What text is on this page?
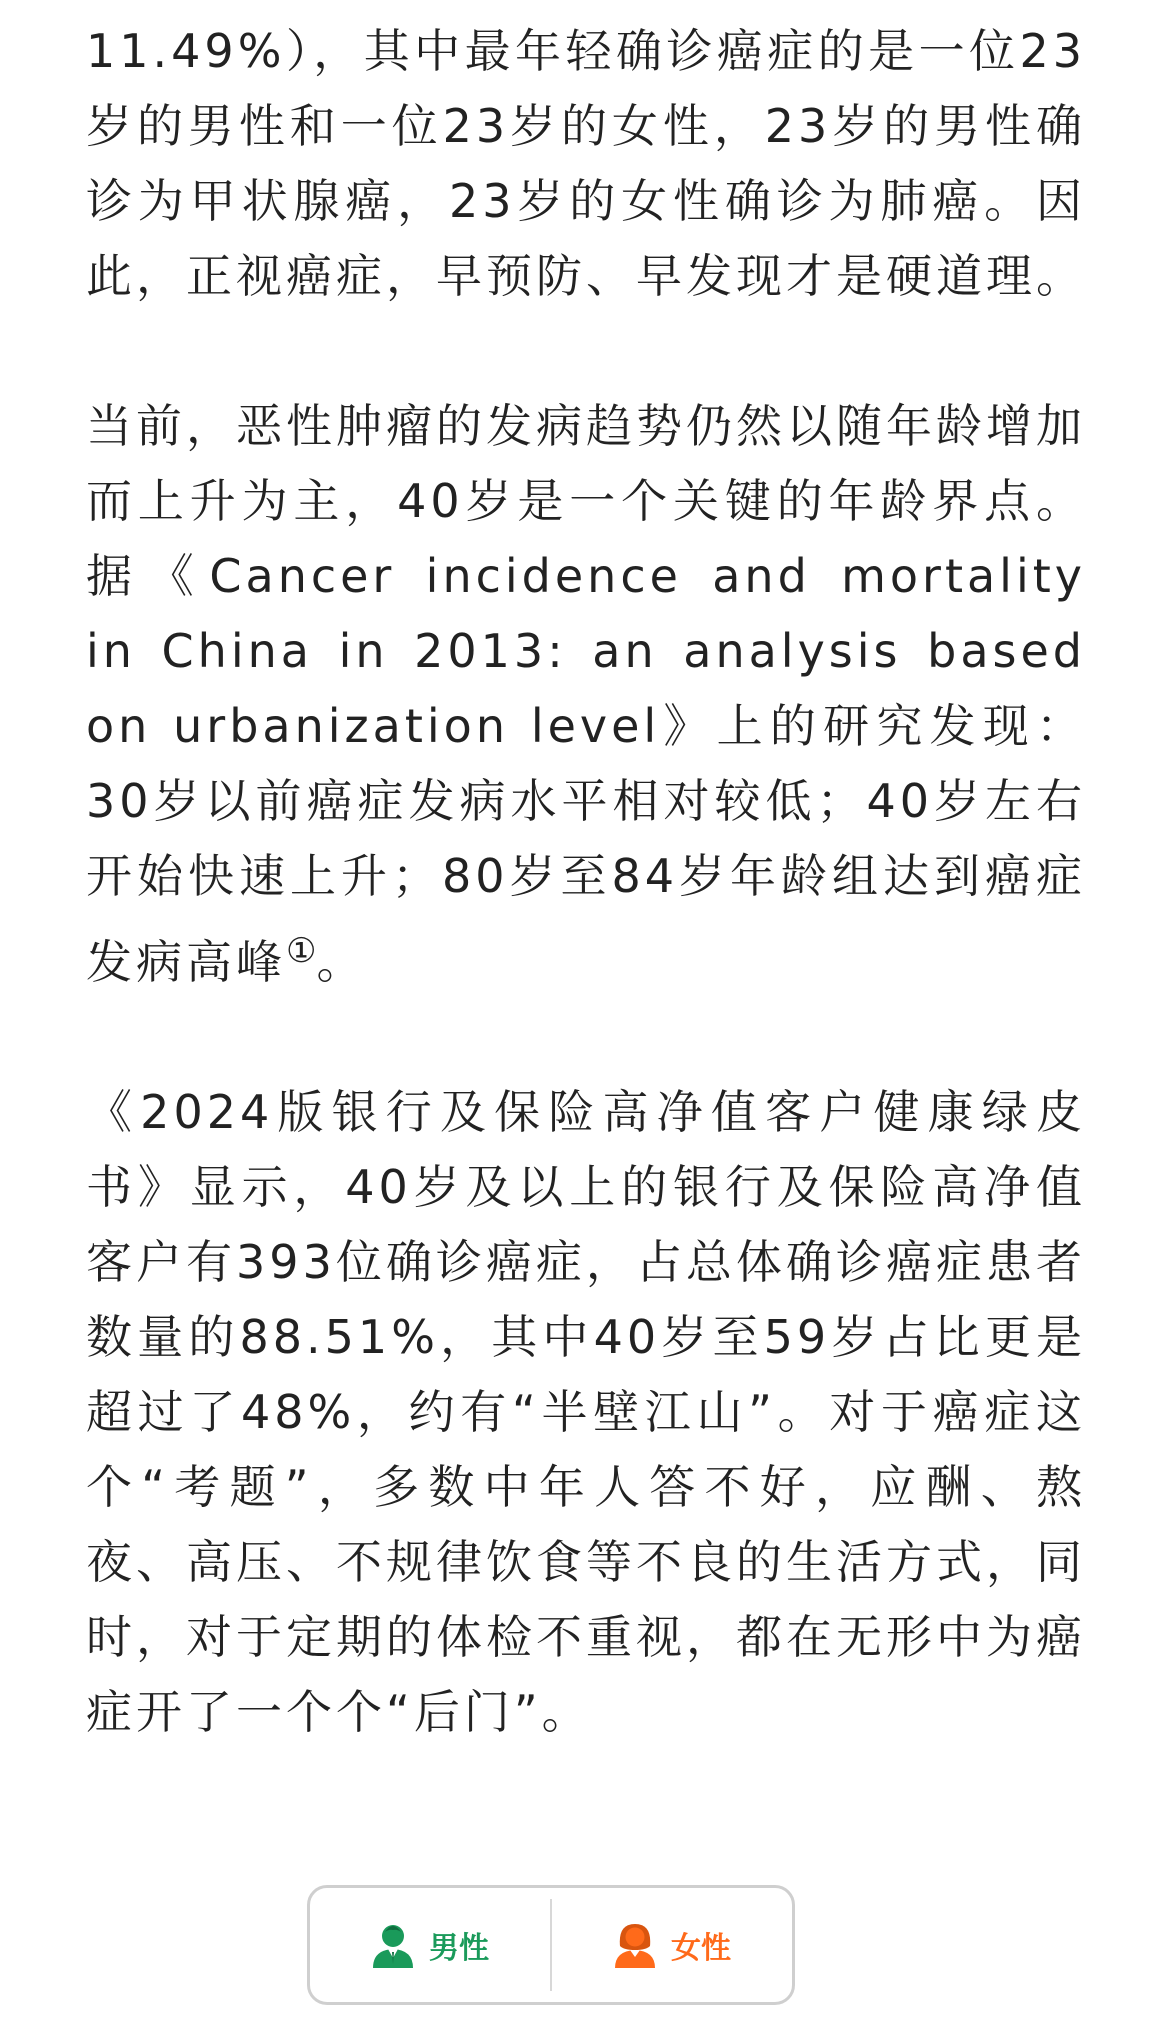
11.49%），其中最年轻确诊癌症的是一位23岁的男性和一位23岁的女性，23岁的男性确诊为甲状腺癌，23岁的女性确诊为肺癌。因此，正视癌症，早预防、早发现才是硬道理。

当前，恶性肿瘤的发病趋势仍然以随年龄增加而上升为主，40岁是一个关键的年龄界点。据《Cancer incidence and mortality in China in 2013: an analysis based on urbanization level》上的研究发现：30岁以前癌症发病水平相对较低；40岁左右开始快速上升；80岁至84岁年龄组达到癌症发病高峰①。

《2024版银行及保险高净值客户健康绿皮书》显示，40岁及以上的银行及保险高净值客户有393位确诊癌症，占总体确诊癌症患者数量的88.51%，其中40岁至59岁占比更是超过了48%，约有“半壁江山”。对于癌症这个“考题”，多数中年人答不好，应酬、熬夜、高压、不规律饮食等不良的生活方式，同时，对于定期的体检不重视，都在无形中为癌症开了一个个“后门”。

男性	女性
